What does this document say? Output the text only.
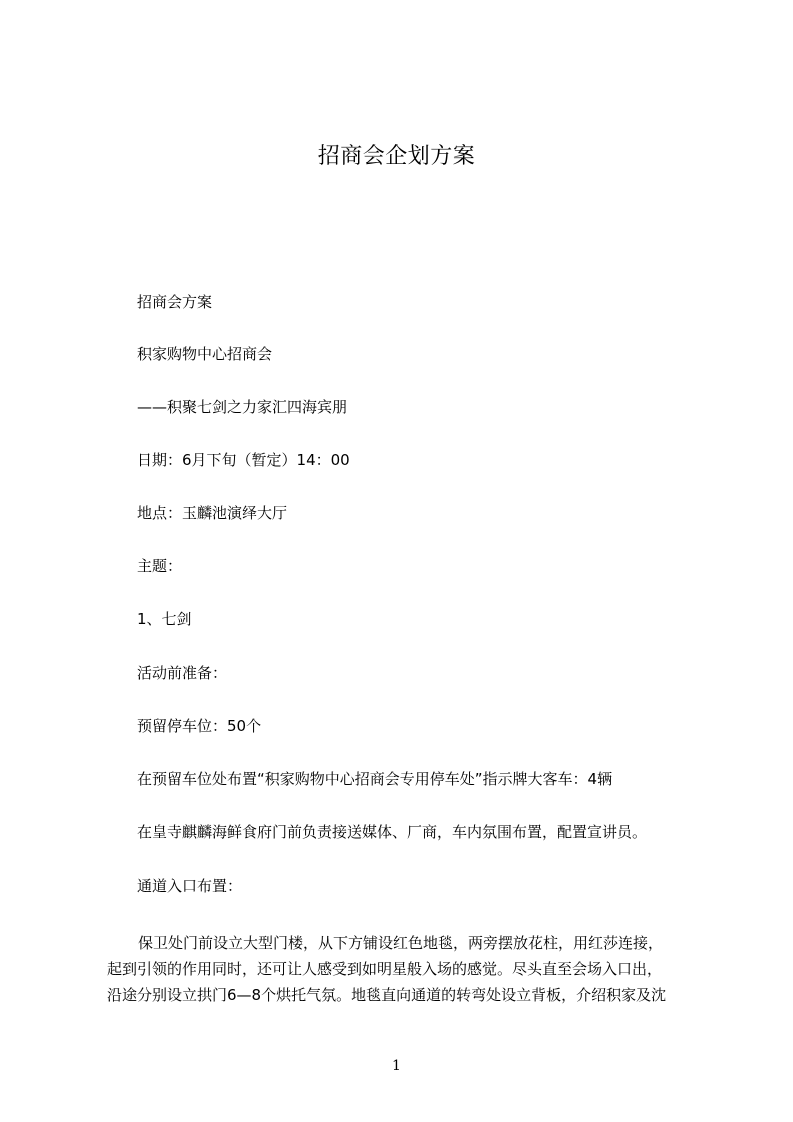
招商会企划方案
招商会方案
积家购物中心招商会
——积聚七剑之力家汇四海宾朋
日期：6月下旬（暂定）14：00
地点：玉麟池演绎大厅
主题：
1、七剑
活动前准备：
预留停车位：50个
在预留车位处布置“积家购物中心招商会专用停车处”指示牌大客车：4辆
在皇寺麒麟海鲜食府门前负责接送媒体、厂商，车内氛围布置，配置宣讲员。
通道入口布置：
保卫处门前设立大型门楼，从下方铺设红色地毯，两旁摆放花柱，用红莎连接，
起到引领的作用同时，还可让人感受到如明星般入场的感觉。尽头直至会场入口出，
沿途分别设立拱门6—8个烘托气氛。地毯直向通道的转弯处设立背板，介绍积家及沈
1
